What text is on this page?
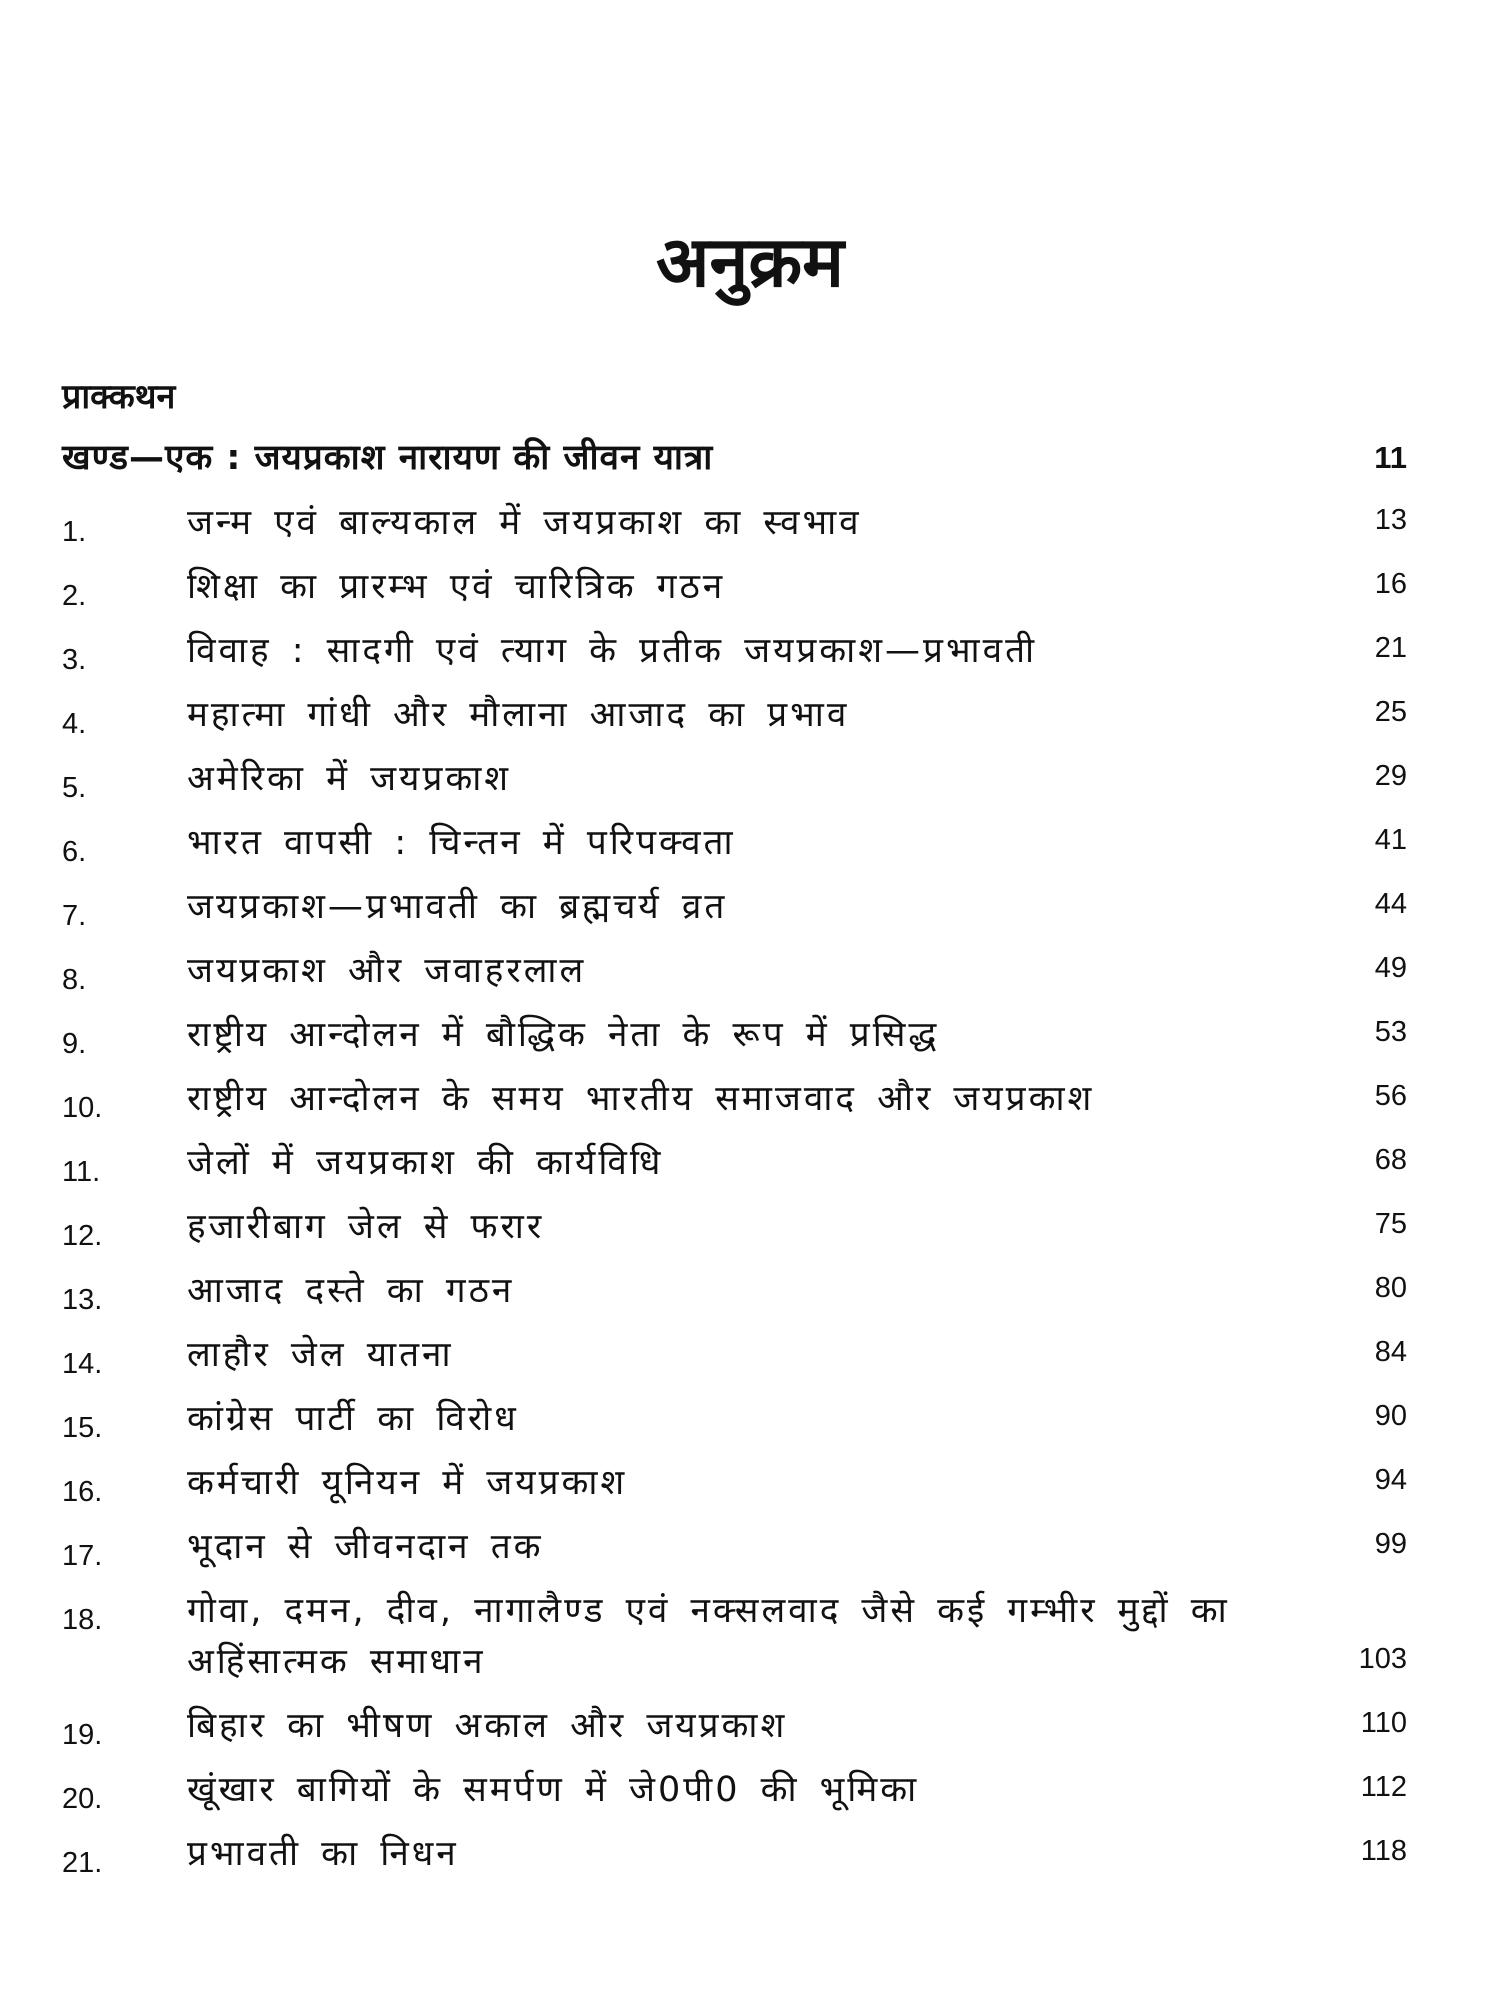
अनुक्रम
प्राक्कथन
खण्ड—एक : जयप्रकाश नारायण की जीवन यात्रा	11
1.	जन्म एवं बाल्यकाल में जयप्रकाश का स्वभाव	13
2.	शिक्षा का प्रारम्भ एवं चारित्रिक गठन	16
3.	विवाह : सादगी एवं त्याग के प्रतीक जयप्रकाश—प्रभावती	21
4.	महात्मा गांधी और मौलाना आजाद का प्रभाव	25
5.	अमेरिका में जयप्रकाश	29
6.	भारत वापसी : चिन्तन में परिपक्वता	41
7.	जयप्रकाश—प्रभावती का ब्रह्मचर्य व्रत	44
8.	जयप्रकाश और जवाहरलाल	49
9.	राष्ट्रीय आन्दोलन में बौद्धिक नेता के रूप में प्रसिद्ध	53
10. राष्ट्रीय आन्दोलन के समय भारतीय समाजवाद और जयप्रकाश	56
11. जेलों में जयप्रकाश की कार्यविधि	68
12. हजारीबाग जेल से फरार	75
13. आजाद दस्ते का गठन	80
14. लाहौर जेल यातना	84
15. कांग्रेस पार्टी का विरोध	90
16. कर्मचारी यूनियन में जयप्रकाश	94
17. भूदान से जीवनदान तक	99
18. गोवा, दमन, दीव, नागालैण्ड एवं नक्सलवाद जैसे कई गम्भीर मुद्दों का अहिंसात्मक समाधान	103
19. बिहार का भीषण अकाल और जयप्रकाश	110
20. खूंखार बागियों के समर्पण में जे0पी0 की भूमिका	112
21. प्रभावती का निधन	118
